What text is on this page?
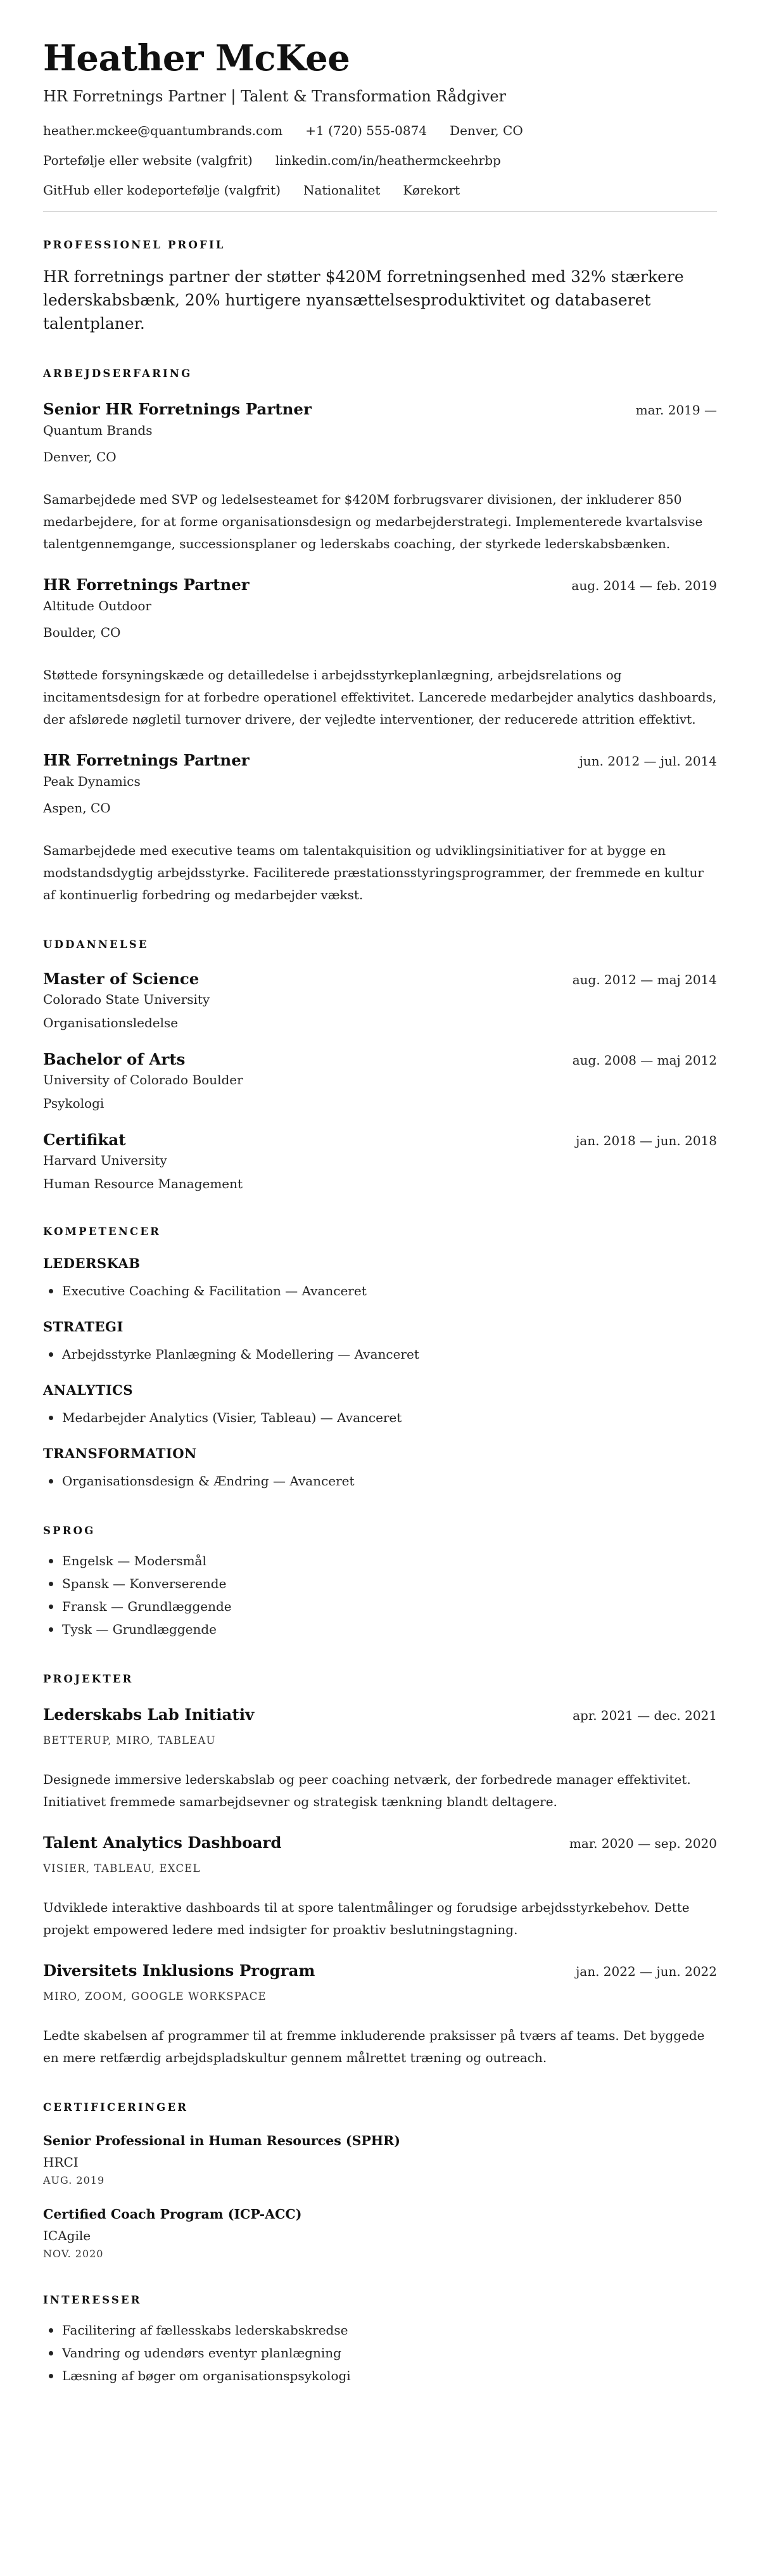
Heather McKee
HR Forretnings Partner | Talent & Transformation Rådgiver
heather.mckee@quantumbrands.com +1 (720) 555-0874 Denver, CO
Portefølje eller website (valgfrit) linkedin.com/in/heathermckeehrbp
GitHub eller kodeportefølje (valgfrit) Nationalitet Kørekort
PROFESSIONEL PROFIL

HR forretnings partner der støtter $420M forretningsenhed med 32% stærkere lederskabsbænk, 20% hurtigere nyansættelsesproduktivitet og databaseret talentplaner.

ARBEJDSERFARING
Senior HR Forretnings Partner	mar. 2019 —
Quantum Brands
Denver, CO

Samarbejdede med SVP og ledelsesteamet for $420M forbrugsvarer divisionen, der inkluderer 850 medarbejdere, for at forme organisationsdesign og medarbejderstrategi. Implementerede kvartalsvise talentgennemgange, successionsplaner og lederskabs coaching, der styrkede lederskabsbænken.

HR Forretnings Partner	aug. 2014 — feb. 2019
Altitude Outdoor
Boulder, CO

Støttede forsyningskæde og detailledelse i arbejdsstyrkeplanlægning, arbejdsrelations og incitamentsdesign for at forbedre operationel effektivitet. Lancerede medarbejder analytics dashboards, der afslørede nøgletil turnover drivere, der vejledte interventioner, der reducerede attrition effektivt.

HR Forretnings Partner	jun. 2012 — jul. 2014
Peak Dynamics
Aspen, CO

Samarbejdede med executive teams om talentakquisition og udviklingsinitiativer for at bygge en modstandsdygtig arbejdsstyrke. Faciliterede præstationsstyringsprogrammer, der fremmede en kultur af kontinuerlig forbedring og medarbejder vækst.

UDDANNELSE
Master of Science	aug. 2012 — maj 2014
Colorado State University
Organisationsledelse
Bachelor of Arts	aug. 2008 — maj 2012
University of Colorado Boulder
Psykologi
Certifikat	jan. 2018 — jun. 2018
Harvard University
Human Resource Management
KOMPETENCER
LEDERSKAB
Executive Coaching & Facilitation — Avanceret
STRATEGI
Arbejdsstyrke Planlægning & Modellering — Avanceret
ANALYTICS
Medarbejder Analytics (Visier, Tableau) — Avanceret
TRANSFORMATION
Organisationsdesign & Ændring — Avanceret
SPROG
Engelsk — Modersmål
Spansk — Konverserende
Fransk — Grundlæggende
Tysk — Grundlæggende
PROJEKTER
Lederskabs Lab Initiativ	apr. 2021 — dec. 2021
BETTERUP, MIRO, TABLEAU

Designede immersive lederskabslab og peer coaching netværk, der forbedrede manager effektivitet. Initiativet fremmede samarbejdsevner og strategisk tænkning blandt deltagere.

Talent Analytics Dashboard	mar. 2020 — sep. 2020
VISIER, TABLEAU, EXCEL

Udviklede interaktive dashboards til at spore talentmålinger og forudsige arbejdsstyrkebehov. Dette projekt empowered ledere med indsigter for proaktiv beslutningstagning.

Diversitets Inklusions Program	jan. 2022 — jun. 2022
MIRO, ZOOM, GOOGLE WORKSPACE

Ledte skabelsen af programmer til at fremme inkluderende praksisser på tværs af teams. Det byggede en mere retfærdig arbejdspladskultur gennem målrettet træning og outreach.

CERTIFICERINGER
Senior Professional in Human Resources (SPHR)
HRCI
AUG. 2019
Certified Coach Program (ICP-ACC)
ICAgile
NOV. 2020
INTERESSER
Facilitering af fællesskabs lederskabskredse
Vandring og udendørs eventyr planlægning
Læsning af bøger om organisationspsykologi
